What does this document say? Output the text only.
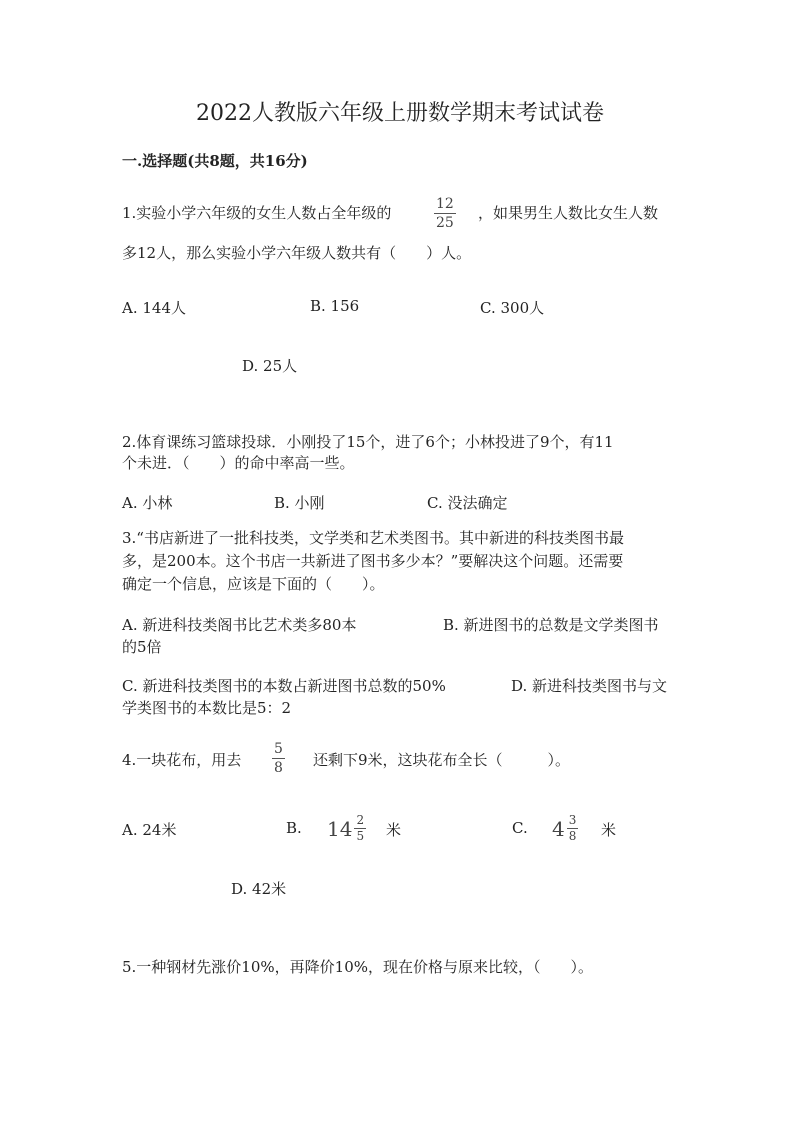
2022人教版六年级上册数学期末考试试卷
一.选择题(共8题，共16分)
1.实验小学六年级的女生人数占全年级的	12
25
，如果男生人数比女生人数
多12人，那么实验小学六年级人数共有（　　）人。
A. 144人	B. 156	C. 300人
D. 25人
2.体育课练习篮球投球．小刚投了15个，进了6个；小林投进了9个，有11
个未进．（　　）的命中率高一些。
A. 小林	B. 小刚	C. 没法确定
3.“书店新进了一批科技类，文学类和艺术类图书。其中新进的科技类图书最
多，是200本。这个书店一共新进了图书多少本？”要解决这个问题。还需要
确定一个信息，应该是下面的（　　）。
A. 新进科技类阁书比艺术类多80本	B. 新进图书的总数是文学类图书
的5倍
C. 新进科技类图书的本数占新进图书总数的50%	D. 新进科技类图书与文
学类图书的本数比是5：2
4.一块花布，用去
5
8 还剩下9米，这块花布全长（　　　）。
A. 24米	B. $14 \frac{2}{5}$ 米	C. $4 \frac{3}{8}$ 米
D. 42米
5.一种钢材先涨价10%，再降价10%，现在价格与原来比较，（　　）。
